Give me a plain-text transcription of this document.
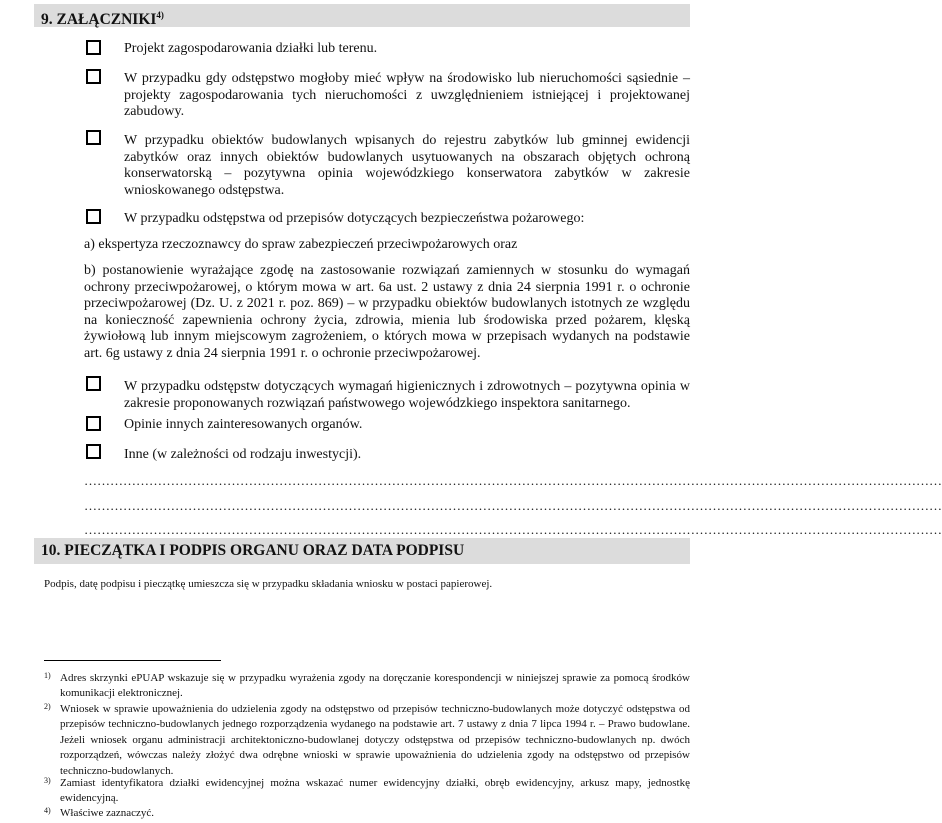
9. ZAŁĄCZNIKI$^{4)}$
Projekt zagospodarowania działki lub terenu.
W przypadku gdy odstępstwo mogłoby mieć wpływ na środowisko lub nieruchomości sąsiednie – projekty zagospodarowania tych nieruchomości z uwzględnieniem istniejącej i projektowanej zabudowy.
W przypadku obiektów budowlanych wpisanych do rejestru zabytków lub gminnej ewidencji zabytków oraz innych obiektów budowlanych usytuowanych na obszarach objętych ochroną konserwatorską – pozytywna opinia wojewódzkiego konserwatora zabytków w zakresie wnioskowanego odstępstwa.
W przypadku odstępstwa od przepisów dotyczących bezpieczeństwa pożarowego:
a) ekspertyza rzeczoznawcy do spraw zabezpieczeń przeciwpożarowych oraz
b) postanowienie wyrażające zgodę na zastosowanie rozwiązań zamiennych w stosunku do wymagań ochrony przeciwpożarowej, o którym mowa w art. 6a ust. 2 ustawy z dnia 24 sierpnia 1991 r. o ochronie przeciwpożarowej (Dz. U. z 2021 r. poz. 869) – w przypadku obiektów budowlanych istotnych ze względu na konieczność zapewnienia ochrony życia, zdrowia, mienia lub środowiska przed pożarem, klęską żywiołową lub innym miejscowym zagrożeniem, o których mowa w przepisach wydanych na podstawie art. 6g ustawy z dnia 24 sierpnia 1991 r. o ochronie przeciwpożarowej.
W przypadku odstępstw dotyczących wymagań higienicznych i zdrowotnych – pozytywna opinia w zakresie proponowanych rozwiązań państwowego wojewódzkiego inspektora sanitarnego.
Opinie innych zainteresowanych organów.
Inne (w zależności od rodzaju inwestycji).
………………………………………………………………………………………………………………………………………………………………………………
………………………………………………………………………………………………………………………………………………………………………………
………………………………………………………………………………………………………………………………………………………………………………
10. PIECZĄTKA I PODPIS ORGANU ORAZ DATA PODPISU
Podpis, datę podpisu i pieczątkę umieszcza się w przypadku składania wniosku w postaci papierowej.
1) Adres skrzynki ePUAP wskazuje się w przypadku wyrażenia zgody na doręczanie korespondencji w niniejszej sprawie za pomocą środków komunikacji elektronicznej.
2) Wniosek w sprawie upoważnienia do udzielenia zgody na odstępstwo od przepisów techniczno-budowlanych może dotyczyć odstępstwa od przepisów techniczno-budowlanych jednego rozporządzenia wydanego na podstawie art. 7 ustawy z dnia 7 lipca 1994 r. – Prawo budowlane. Jeżeli wniosek organu administracji architektoniczno-budowlanej dotyczy odstępstwa od przepisów techniczno-budowlanych np. dwóch rozporządzeń, wówczas należy złożyć dwa odrębne wnioski w sprawie upoważnienia do udzielenia zgody na odstępstwo od przepisów techniczno-budowlanych.
3) Zamiast identyfikatora działki ewidencyjnej można wskazać numer ewidencyjny działki, obręb ewidencyjny, arkusz mapy, jednostkę ewidencyjną.
4) Właściwe zaznaczyć.
